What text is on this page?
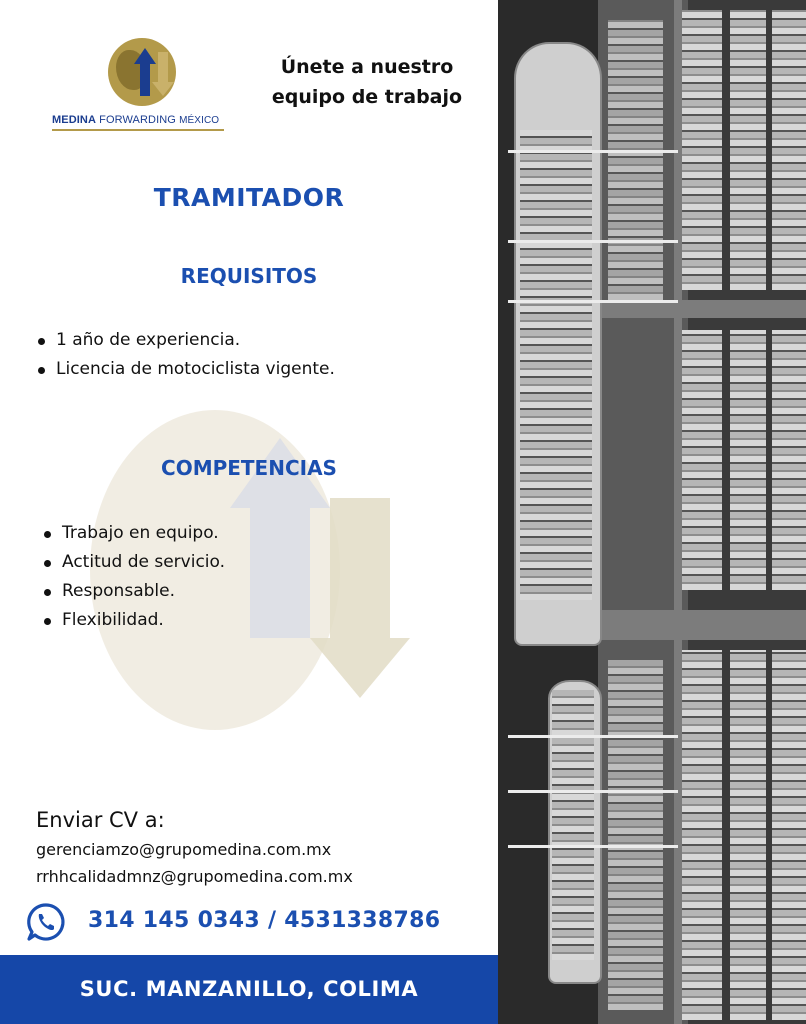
MEDINA FORWARDING MÉXICO
Únete a nuestro equipo de trabajo
TRAMITADOR
REQUISITOS
1 año de experiencia.
Licencia de motociclista vigente.
COMPETENCIAS
Trabajo en equipo.
Actitud de servicio.
Responsable.
Flexibilidad.
Enviar CV a:
gerenciamzo@grupomedina.com.mx
rrhhcalidadmnz@grupomedina.com.mx
314 145 0343 / 4531338786
SUC. MANZANILLO, COLIMA
